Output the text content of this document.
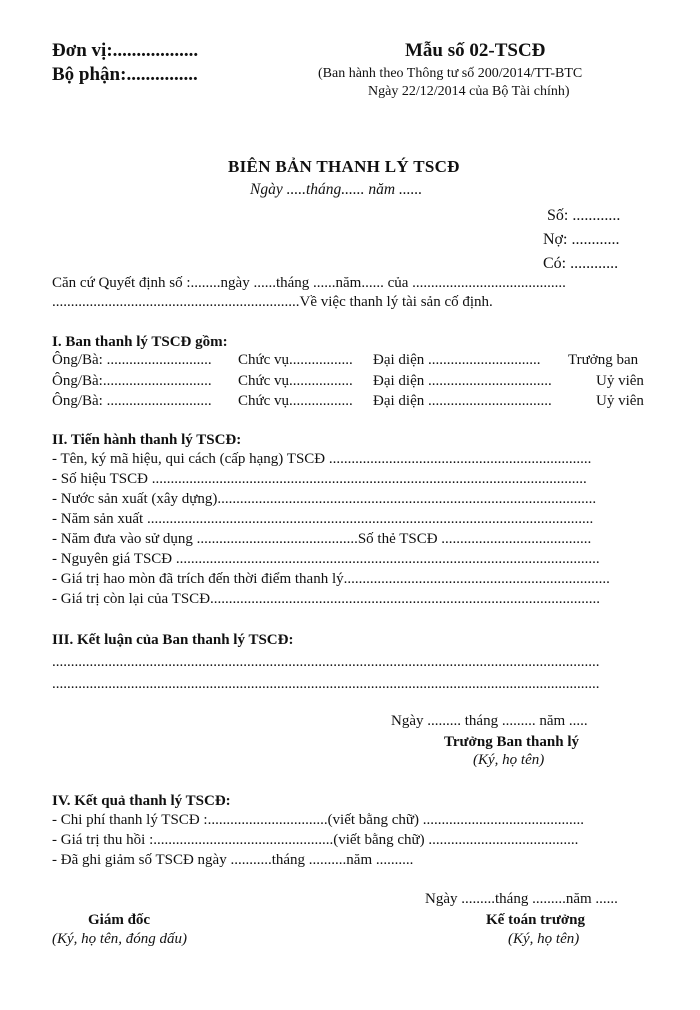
Đơn vị:..................
Bộ phận:...............
Mẫu số 02-TSCĐ
(Ban hành theo Thông tư số 200/2014/TT-BTC
Ngày 22/12/2014 của Bộ Tài chính)
BIÊN BẢN THANH LÝ TSCĐ
Ngày .....tháng...... năm ......
Số: ............
Nợ: ............
Có: ............
Căn cứ Quyết định số :........ngày ......tháng ......năm...... của .........................................
..................................................................Về việc thanh lý tài sản cố định.
I. Ban thanh lý TSCĐ gồm:
Ông/Bà: ............................ Chức vụ................. Đại diện .............................. Trưởng ban
Ông/Bà:............................. Chức vụ................. Đại diện .................................	Uỷ viên
Ông/Bà: ............................ Chức vụ................. Đại diện .................................	Uỷ viên
II. Tiến hành thanh lý TSCĐ:
- Tên, ký mã hiệu, qui cách (cấp hạng) TSCĐ ......................................................................
- Số hiệu TSCĐ ....................................................................................................................
- Nước sản xuất (xây dựng).....................................................................................................
- Năm sản xuất .......................................................................................................................
- Năm đưa vào sử dụng ...........................................Số thẻ TSCĐ ........................................
- Nguyên giá TSCĐ .................................................................................................................
- Giá trị hao mòn đã trích đến thời điểm thanh lý.......................................................................
- Giá trị còn lại của TSCĐ........................................................................................................
III. Kết luận của Ban thanh lý TSCĐ:
..................................................................................................................................................
..................................................................................................................................................
Ngày ......... tháng ......... năm .....
Trưởng Ban thanh lý
(Ký, họ tên)
IV. Kết quả thanh lý TSCĐ:
- Chi phí thanh lý TSCĐ :................................(viết bằng chữ) ...........................................
- Giá trị thu hồi :................................................(viết bằng chữ) ........................................
- Đã ghi giảm số TSCĐ ngày ...........tháng ..........năm ..........
Ngày .........tháng .........năm ......
Giám đốc
(Ký, họ tên, đóng dấu)
Kế toán trưởng
(Ký, họ tên)
